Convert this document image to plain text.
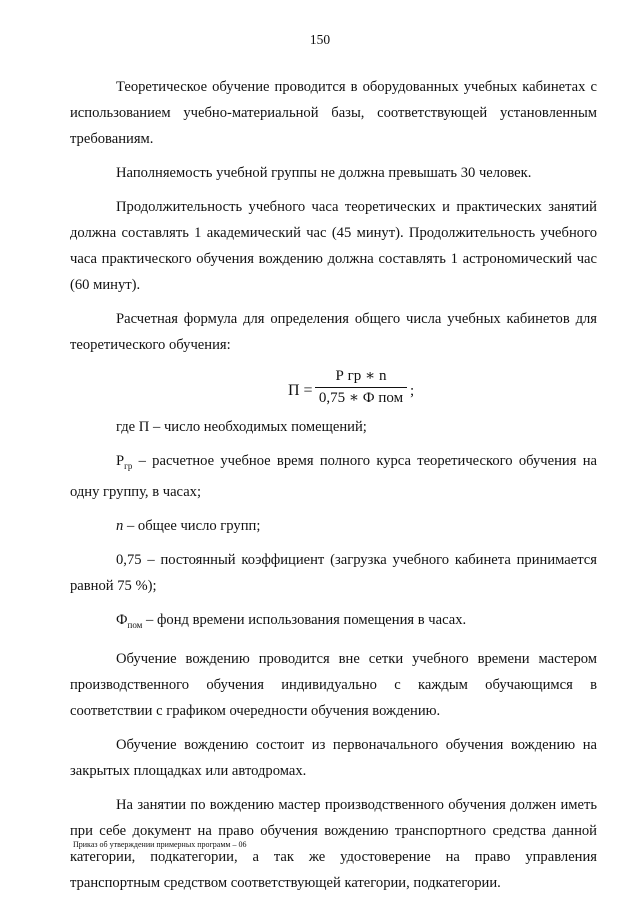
150

Теоретическое обучение проводится в оборудованных учебных кабинетах с использованием учебно-материальной базы, соответствующей установленным требованиям.

Наполняемость учебной группы не должна превышать 30 человек.

Продолжительность учебного часа теоретических и практических занятий должна составлять 1 академический час (45 минут). Продолжительность учебного часа практического обучения вождению должна составлять 1 астрономический час (60 минут).

Расчетная формула для определения общего числа учебных кабинетов для теоретического обучения:

П =
Р гр ∗ n
0,75 ∗ Ф пом ;

где П – число необходимых помещений;

$Р_{гр}$ – расчетное учебное время полного курса теоретического обучения на одну группу, в часах;

n – общее число групп;

0,75 – постоянный коэффициент (загрузка учебного кабинета принимается равной 75 %);

$Ф_{пом}$ – фонд времени использования помещения в часах.

Обучение вождению проводится вне сетки учебного времени мастером производственного обучения индивидуально с каждым обучающимся в соответствии с графиком очередности обучения вождению.

Обучение вождению состоит из первоначального обучения вождению на закрытых площадках или автодромах.

На занятии по вождению мастер производственного обучения должен иметь при себе документ на право обучения вождению транспортного средства данной категории, подкатегории, а так же удостоверение на право управления транспортным средством соответствующей категории, подкатегории.

Приказ об утверждении примерных программ – 06
